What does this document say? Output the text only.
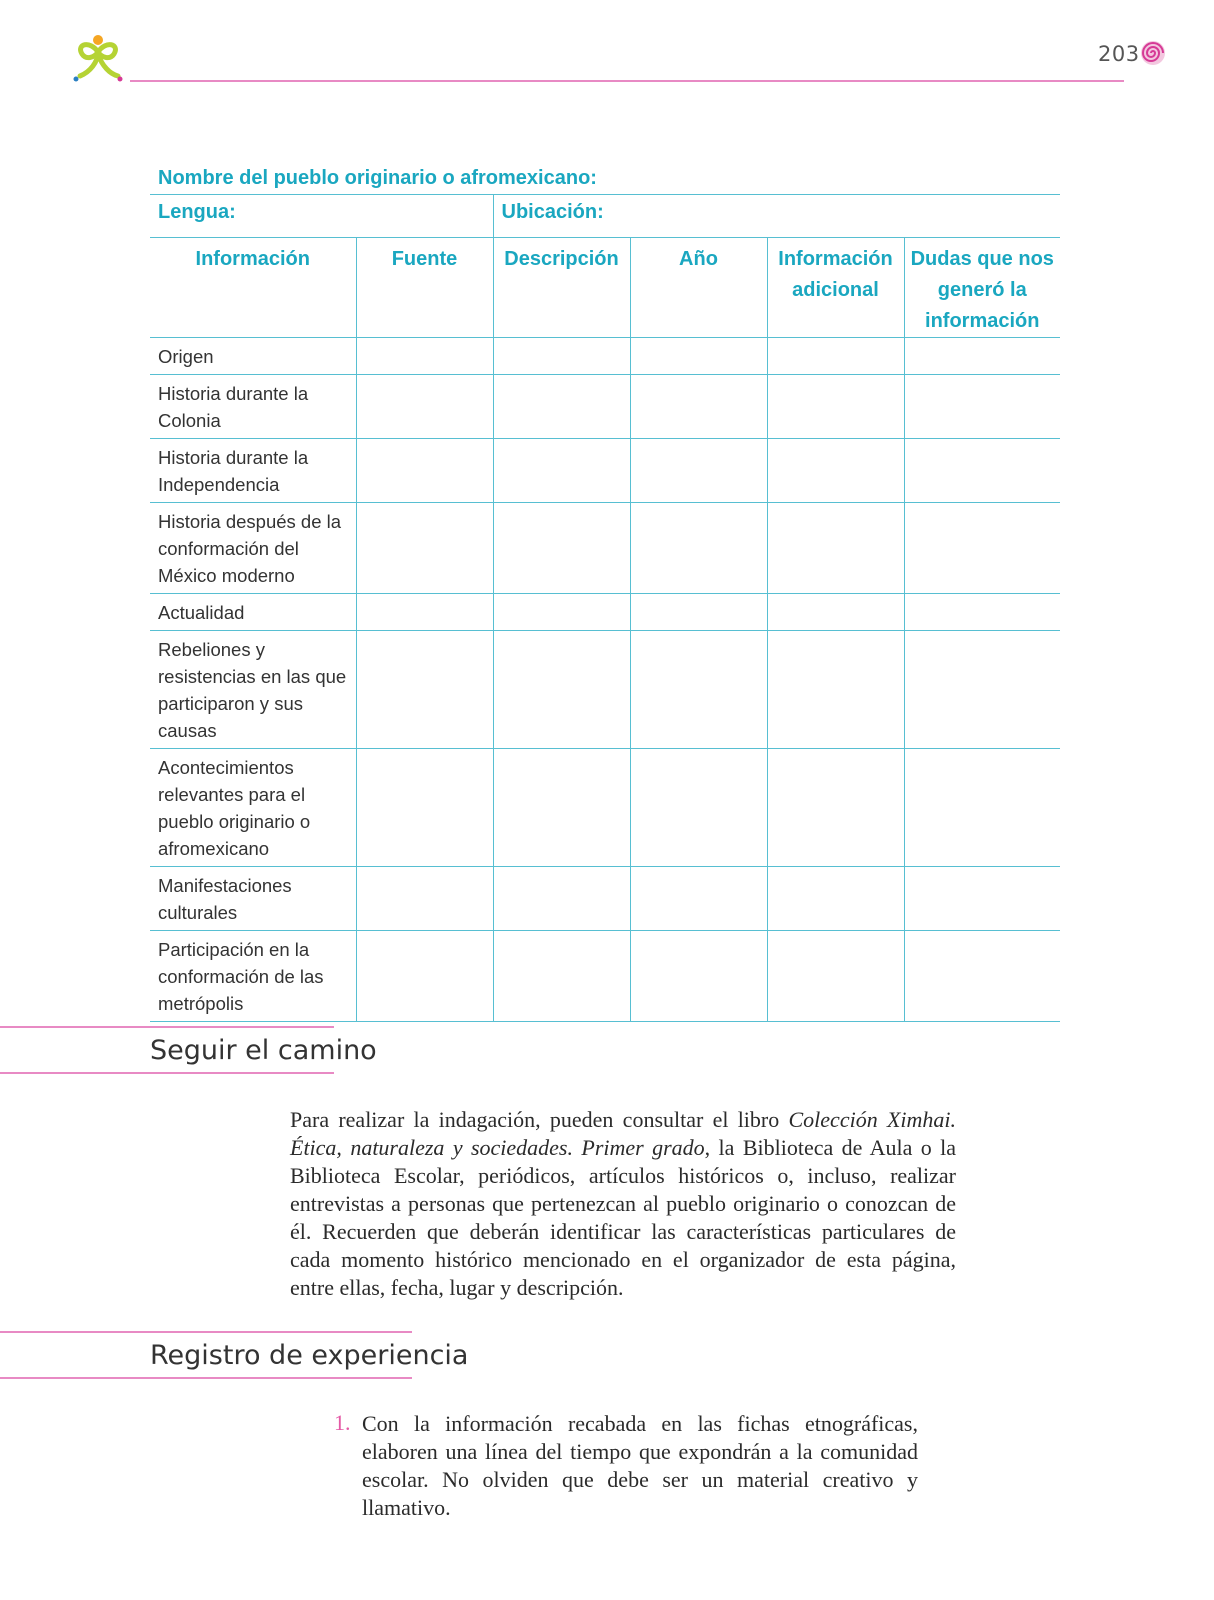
203
Nombre del pueblo originario o afromexicano:
Lengua:		Ubicación:			
Información	Fuente	Descripción	Año	Información adicional	Dudas que nos generó la información
Origen					
Historia durante la Colonia					
Historia durante la Independencia					
Historia después de la conformación del México moderno					
Actualidad					
Rebeliones y resistencias en las que participaron y sus causas					
Acontecimientos relevantes para el pueblo originario o afromexicano					
Manifestaciones culturales					
Participación en la conformación de las metrópolis					
Seguir el camino
Para realizar la indagación, pueden consultar el libro Colección Ximhai. Ética, naturaleza y sociedades. Primer grado, la Biblioteca de Aula o la Biblioteca Escolar, periódicos, artículos históricos o, incluso, realizar entrevistas a personas que pertenezcan al pueblo originario o conozcan de él. Recuerden que deberán identificar las características particulares de cada momento histórico mencionado en el organizador de esta página, entre ellas, fecha, lugar y descripción.
Registro de experiencia
1. Con la información recabada en las fichas etnográficas, elaboren una línea del tiempo que expondrán a la comunidad escolar. No olviden que debe ser un material creativo y llamativo.
